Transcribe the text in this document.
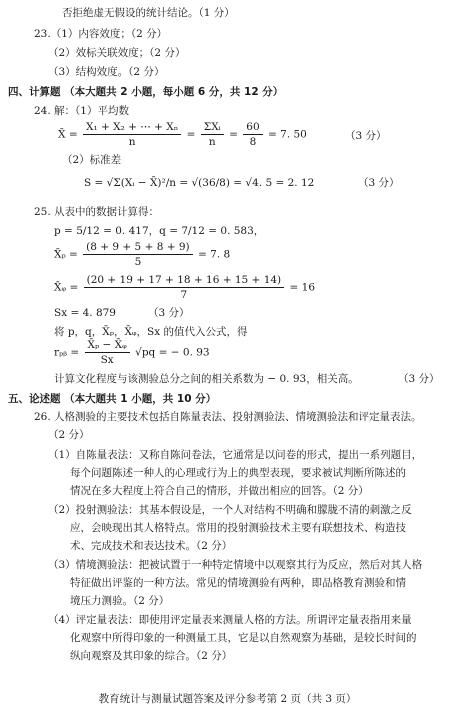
否拒绝虚无假设的统计结论。（1 分）
23.（1）内容效度；（2 分）
（2）效标关联效度；（2 分）
（3）结构效度。（2 分）
四、计算题 （本大题共 2 小题，每小题 6 分，共 12 分）
24. 解：（1）平均数
X̄ = $\frac{\text{X₁ + X₂ + ⋯ + Xₙ}}{n} = \frac{\text{ΣXᵢ}}{n} = \frac{60}{8} = 7$. 50	（3 分）
（2）标准差
S = √Σ(Xᵢ − X̄)²/n = √(36/8) = √4. 5 = 2. 12	（3 分）
25. 从表中的数据计算得：
p = 5/12 = 0. 417，q = 7/12 = 0. 583，
X̄ₚ = $\frac{(8 + 9 + 5 + 8 + 9)}{5} = 7$. 8
X̄ᵩ = $\frac{(20 + 19 + 17 + 18 + 16 + 15 + 14)}{7} = 16$
Sx = 4. 879	（3 分）
将 p，q，X̄ₚ，X̄ᵩ，Sx 的值代入公式，得
rₚᵦ = $\frac{\text{X̄ₚ − X̄ᵩ}}{Sx} √pq$ = − 0. 93
计算文化程度与该测验总分之间的相关系数为 − 0. 93，相关高。	（3 分）
五、论述题 （本大题共 1 小题，共 10 分）
26. 人格测验的主要技术包括自陈量表法、投射测验法、情境测验法和评定量表法。
（2 分）
（1）自陈量表法：又称自陈问卷法，它通常是以问卷的形式，提出一系列题目，
每个问题陈述一种人的心理或行为上的典型表现，要求被试判断所陈述的
情况在多大程度上符合自己的情形，并做出相应的回答。（2 分）
（2）投射测验法：其基本假设是，一个人对结构不明确和朦胧不清的刺激之反
应，会映现出其人格特点。常用的投射测验技术主要有联想技术、构造技
术、完成技术和表达技术。（2 分）
（3）情境测验法：把被试置于一种特定情境中以观察其行为反应，然后对其人格
特征做出评鉴的一种方法。常见的情境测验有两种，即品格教育测验和情
境压力测验。（2 分）
（4）评定量表法：即使用评定量表来测量人格的方法。所谓评定量表指用来量
化观察中所得印象的一种测量工具，它是以自然观察为基础，是较长时间的
纵向观察及其印象的综合。（2 分）
教育统计与测量试题答案及评分参考第 2 页（共 3 页）
